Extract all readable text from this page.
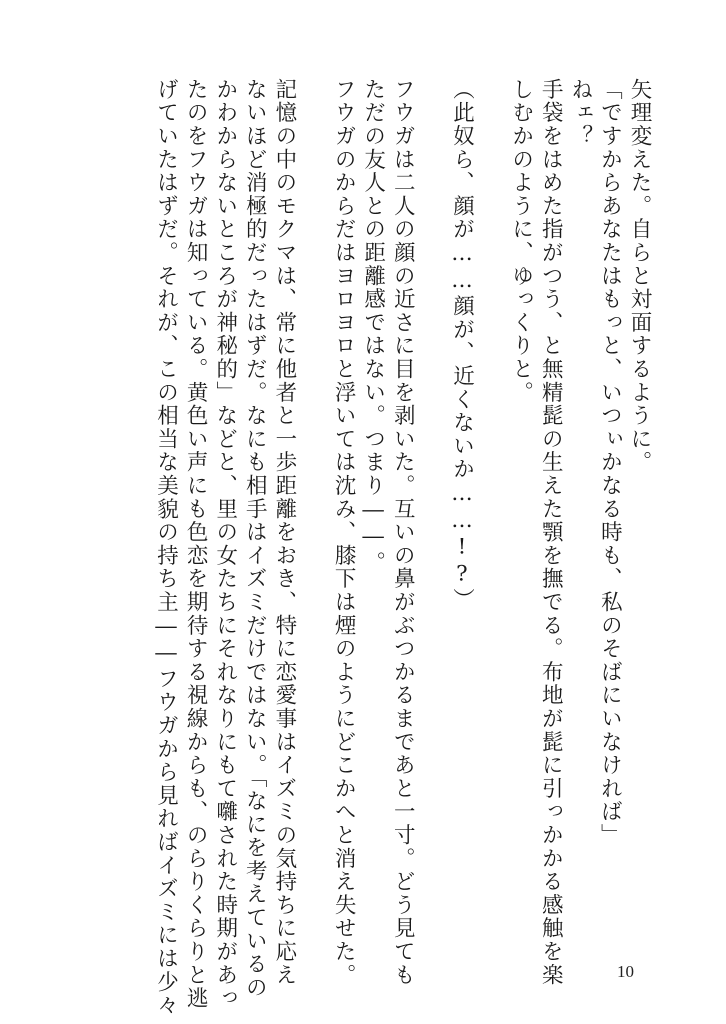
矢理変えた。自らと対面するように。
「ですからあなたはもっと、いつぃかなる時も、私のそばにいなければ」
ねェ？
手袋をはめた指がつう、と無精髭の生えた顎を撫でる。布地が髭に引っかかる感触を楽
しむかのように、ゆっくりと。
（此奴ら、顔が……顔が、近くないか……!?）
フウガは二人の顔の近さに目を剥いた。互いの鼻がぶつかるまであと一寸。どう見ても
ただの友人との距離感ではない。つまり――。
フウガのからだはヨロヨロと浮いては沈み、膝下は煙のようにどこかへと消え失せた。
記憶の中のモクマは、常に他者と一歩距離をおき、特に恋愛事はイズミの気持ちに応え
ないほど消極的だったはずだ。なにも相手はイズミだけではない。「なにを考えているの
かわからないところが神秘的」などと、里の女たちにそれなりにもて囃された時期があっ
たのをフウガは知っている。黄色い声にも色恋を期待する視線からも、のらりくらりと逃
げていたはずだ。それが、この相当な美貌の持ち主――フウガから見ればイズミには少々	10
